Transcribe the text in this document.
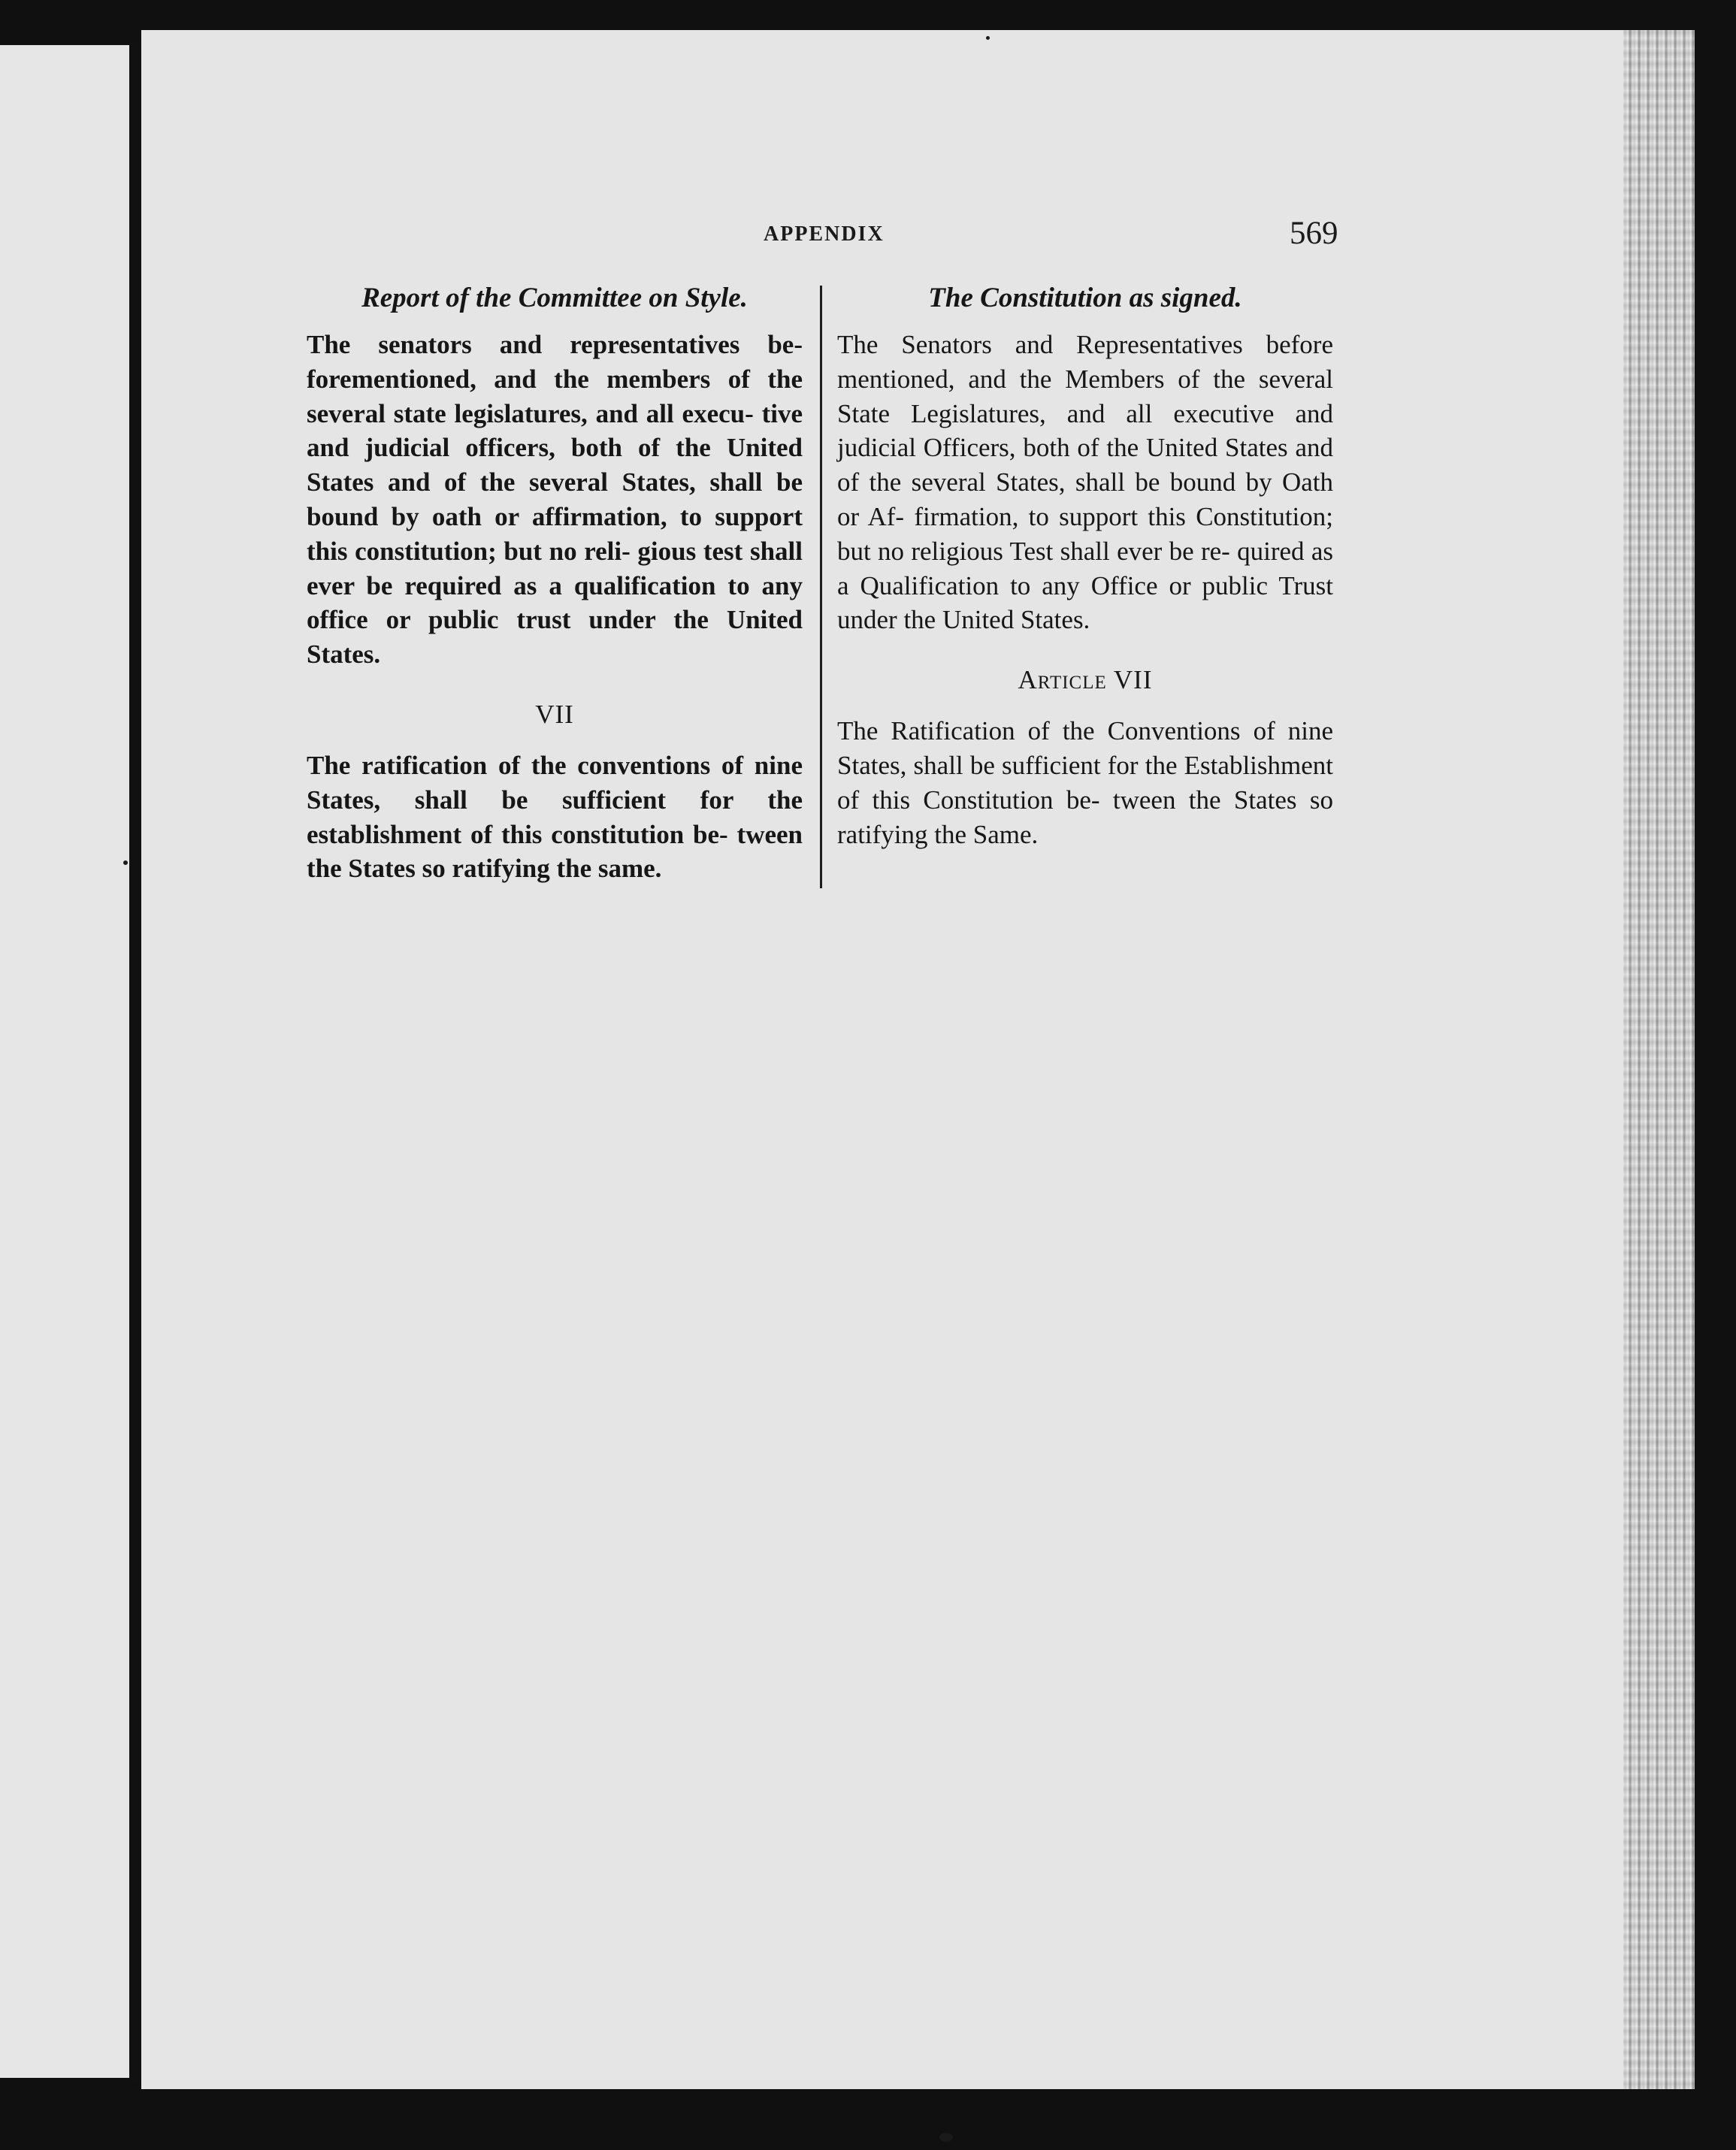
APPENDIX	569
Report of the Committee on Style.

The senators and representatives be- forementioned, and the members of the several state legislatures, and all execu- tive and judicial officers, both of the United States and of the several States, shall be bound by oath or affirmation, to support this constitution; but no reli- gious test shall ever be required as a qualification to any office or public trust under the United States.

VII

The ratification of the conventions of nine States, shall be sufficient for the establishment of this constitution be- tween the States so ratifying the same.

The Constitution as signed.

The Senators and Representatives before mentioned, and the Members of the several State Legislatures, and all executive and judicial Officers, both of the United States and of the several States, shall be bound by Oath or Af- firmation, to support this Constitution; but no religious Test shall ever be re- quired as a Qualification to any Office or public Trust under the United States.

Article VII

The Ratification of the Conventions of nine States, shall be sufficient for the Establishment of this Constitution be- tween the States so ratifying the Same.
